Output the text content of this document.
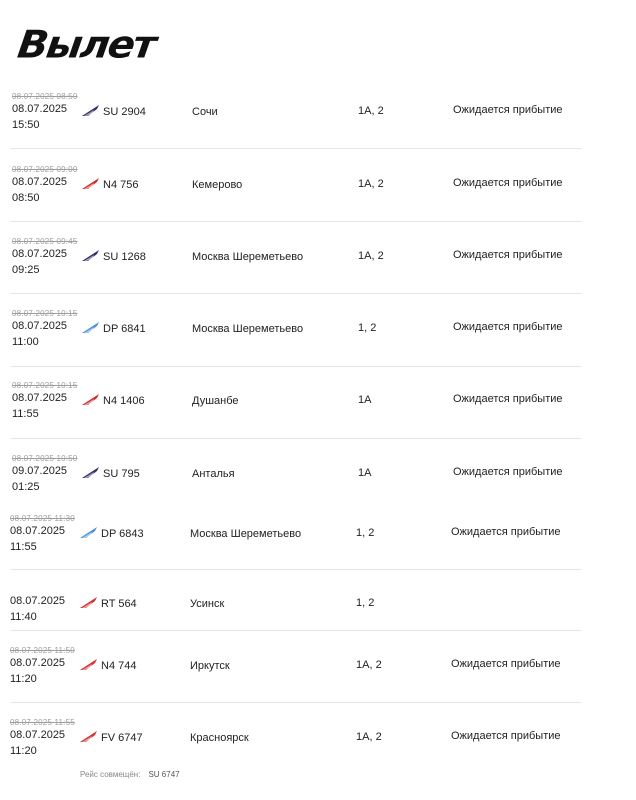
Вылет
08.07.2025 08:50
08.07.2025
15:50
SU 2904	Сочи	1A, 2	Ожидается прибытие
08.07.2025 09:00
08.07.2025
08:50
N4 756	Кемерово	1A, 2	Ожидается прибытие
08.07.2025 09:45
08.07.2025
09:25
SU 1268	Москва Шереметьево	1A, 2	Ожидается прибытие
08.07.2025 10:15
08.07.2025
11:00
DP 6841	Москва Шереметьево	1, 2	Ожидается прибытие
08.07.2025 10:15
08.07.2025
11:55
N4 1406	Душанбе	1A	Ожидается прибытие
08.07.2025 10:50
09.07.2025
01:25
SU 795	Анталья	1A	Ожидается прибытие
08.07.2025 11:30
08.07.2025
11:55
DP 6843	Москва Шереметьево	1, 2	Ожидается прибытие
08.07.2025
11:40
RT 564	Усинск	1, 2
08.07.2025 11:50
08.07.2025
11:20
N4 744	Иркутск	1A, 2	Ожидается прибытие
08.07.2025 11:55
08.07.2025
11:20
FV 6747	Красноярск	1A, 2	Ожидается прибытие
Рейс совмещён: SU 6747
